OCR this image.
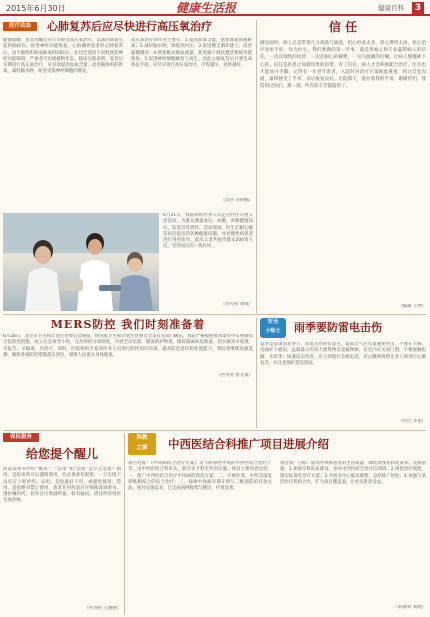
2015年6月30日	健康生活报	健康百科	3
医疗动态	心肺复苏后应尽快进行高压氧治疗
健康提醒：患者清醒后应尽早接受高压氧治疗，以减轻缺氧引起的脑损伤，促进神经功能恢复。心脏骤停患者经心肺复苏后，由于脑组织缺血缺氧时间较长，往往会遗留不同程度的神经功能障碍，严重者可出现植物状态。临床实践表明，复苏后早期进行高压氧治疗，可有效提高血氧含量，改善脑组织的供氧，减轻脑水肿，促进受损神经细胞的修复。
高压氧治疗的作用主要有：1.提高血氧含量，增加血氧弥散距离；2.减轻脑水肿，降低颅内压；3.促进侧支循环建立，改善脑微循环；4.增加椎动脉血流量，促进脑干网状激活系统功能恢复；5.促进神经细胞修复与再生。因此心肺复苏后只要生命体征平稳，应尽早进行高压氧治疗，疗程越早，效果越好。
（吴兵 等供稿）
信 任
刚见面时，病人总是带着几分戒备与疑虑，担心检查太多，担心费用太高，担心治疗效果不好。作为医生，我们要做的第一件事，就是用耐心和专业赢得病人的信任。一次次细致的问诊，一次次耐心的解释，一句句温暖的叮嘱，让病人慢慢卸下心防。信任是医患之间最珍贵的纽带，有了信任，病人才会积极配合治疗，医生也才能放开手脚。记得有一位老年患者，入院时对治疗方案顾虑重重，经过反复沟通，最终接受了手术，术后恢复良好。出院那天，他拉着我的手说：谢谢你们，我信得过你们。那一刻，所有的辛苦都值得了。
（编辑 王坤）
6月21日，我院组织医务人员走进社区开展义诊活动，为群众测量血压、血糖，讲解健康知识，发放宣传资料。活动现场，医生们耐心解答居民提出的各种健康问题，并对慢性病患者进行用药指导。此次义诊共接待群众200余人次，受到居民的一致好评。
（宣传科 黄成）
MERS防控 我们时刻准备着
6月28日，北京市卫生和计划生育委员会通报，经国家卫生和计划生育委员会及有关部门确认，我院严格按照要求落实中东呼吸综合征防控措施，成立应急领导小组，完善预检分诊制度，开展全员培训，储备防护物资，做好隔离病房准备，切实做到早发现、早报告、早隔离、早治疗。同时，医院组织专家对医务人员进行防控知识培训，提高防范意识和处置能力。我院将继续加强监测，确保各项防控措施落实到位，保障人民群众身体健康。
（医务处 唐文坡）
安全
小贴士	雨季要防雷电击伤
夏季是雷雨多发季节，雷电击伤时有发生。雷雨天气应尽量避免外出，不要在大树、电线杆下避雨，远离孤立的高大建筑物及金属物体；在室内应关闭门窗，不要接触电器、水管等；如遇雷击伤者，应立即拨打急救电话，对心跳呼吸停止者立即进行心肺复苏，并注意保护烧伤创面。
（社区 李星）
保民服务
给您提个醒儿
药品说明书中的“慎用”、“忌用”和“禁用”是什么意思？慎用，是指该药可以谨慎使用，但必须密切观察，一旦出现不良反应立即停药；忌用，是指最好不用，或避免使用；禁用，是指绝对禁止使用。患者在用药前应仔细阅读说明书，遵医嘱用药，切勿自行增减药量。如有疑问，请及时咨询医生或药师。
（药剂科 王晓丽）
科教
之窗	中西医结合科推广项目进展介绍
项目名称：《中风病结合治疗方案》及《病毒性中风的中西医结合治疗》等，由中西医结合科牵头，联合多个科室共同实施。项目主要内容包括：一、推广中西医结合治疗中风病的规范方案；二、开展针灸、中药及康复训练相结合的综合治疗；三、探索中风病早期干预与二级预防的有效方法。项目实施以来，已完成病例收集与随访，疗效显著。
项目推广目标：提高中风病患者的生活质量，降低致残率和复发率。具体措施：1.加强专科队伍建设，举办中西医结合诊疗培训班；2.规范诊疗流程，制定标准化治疗方案；3.开展多中心临床观察，总结推广经验；4.加强与基层医疗机构合作，扩大项目覆盖面，让更多患者受益。
（科教科 刘晓）
